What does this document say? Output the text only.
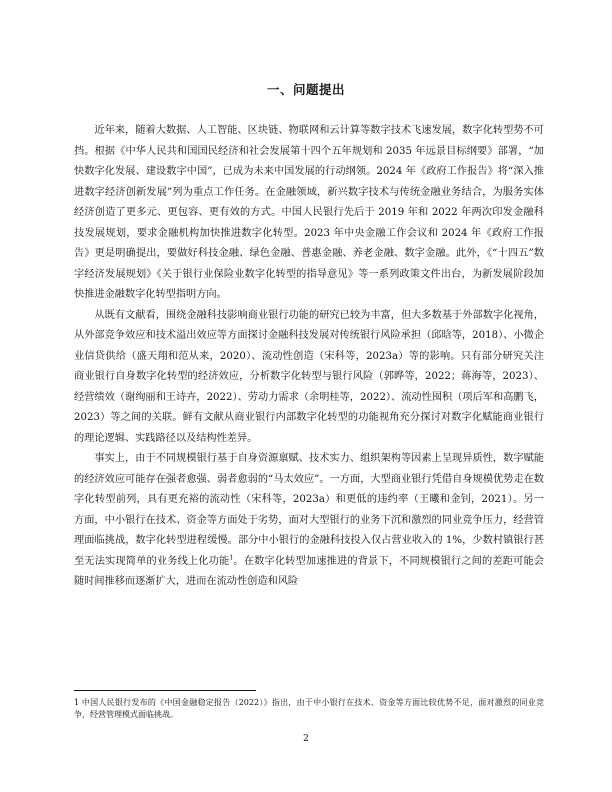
一、问题提出

近年来，随着大数据、人工智能、区块链、物联网和云计算等数字技术飞速发展，数字化转型势不可挡。根据《中华人民共和国国民经济和社会发展第十四个五年规划和 2035 年远景目标纲要》部署，“加快数字化发展、建设数字中国”，已成为未来中国发展的行动纲领。2024 年《政府工作报告》将“深入推进数字经济创新发展”列为重点工作任务。在金融领域，新兴数字技术与传统金融业务结合，为服务实体经济创造了更多元、更包容、更有效的方式。中国人民银行先后于 2019 年和 2022 年两次印发金融科技发展规划，要求金融机构加快推进数字化转型。2023 年中央金融工作会议和 2024 年《政府工作报告》更是明确提出，要做好科技金融、绿色金融、普惠金融、养老金融、数字金融。此外，《“十四五”数字经济发展规划》《关于银行业保险业数字化转型的指导意见》等一系列政策文件出台，为新发展阶段加快推进金融数字化转型指明方向。

从既有文献看，围绕金融科技影响商业银行功能的研究已较为丰富，但大多数基于外部数字化视角，从外部竞争效应和技术溢出效应等方面探讨金融科技发展对传统银行风险承担（邱晗等，2018）、小微企业信贷供给（盛天翔和范从来，2020）、流动性创造（宋科等，2023a）等的影响。只有部分研究关注商业银行自身数字化转型的经济效应，分析数字化转型与银行风险（郭晔等，2022；蒋海等，2023）、经营绩效（谢绚丽和王诗卉，2022）、劳动力需求（余明桂等，2022）、流动性囤积（项后军和高鹏飞，2023）等之间的关联。鲜有文献从商业银行内部数字化转型的功能视角充分探讨对数字化赋能商业银行的理论逻辑、实践路径以及结构性差异。

事实上，由于不同规模银行基于自身资源禀赋、技术实力、组织架构等因素上呈现异质性，数字赋能的经济效应可能存在强者愈强、弱者愈弱的“马太效应”。一方面，大型商业银行凭借自身规模优势走在数字化转型前列，具有更充裕的流动性（宋科等，2023a）和更低的违约率（王曦和金钊，2021）。另一方面，中小银行在技术、资金等方面处于劣势，面对大型银行的业务下沉和激烈的同业竞争压力，经营管理面临挑战，数字化转型进程缓慢。部分中小银行的金融科技投入仅占营业收入的 1%，少数村镇银行甚至无法实现简单的业务线上化功能$^1$。在数字化转型加速推进的背景下，不同规模银行之间的差距可能会随时间推移而逐渐扩大，进而在流动性创造和风险

1 中国人民银行发布的《中国金融稳定报告（2022）》指出，由于中小银行在技术、资金等方面比较优势不足，面对激烈的同业竞争，经营管理模式面临挑战。

2
